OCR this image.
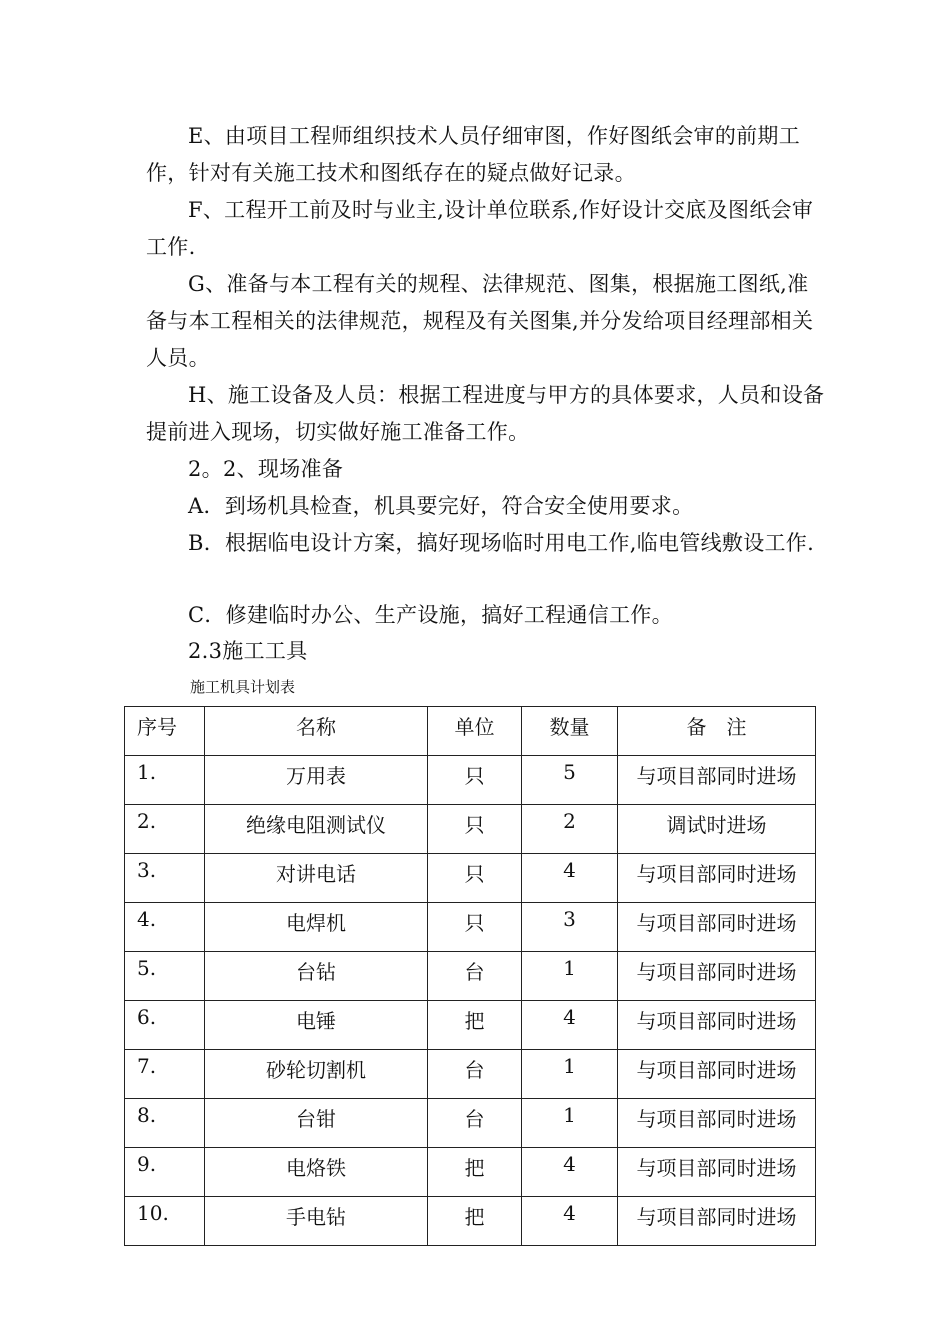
E、由项目工程师组织技术人员仔细审图，作好图纸会审的前期工作，针对有关施工技术和图纸存在的疑点做好记录。

F、工程开工前及时与业主,设计单位联系,作好设计交底及图纸会审工作.

G、准备与本工程有关的规程、法律规范、图集，根据施工图纸,准备与本工程相关的法律规范，规程及有关图集,并分发给项目经理部相关人员。

H、施工设备及人员：根据工程进度与甲方的具体要求，人员和设备提前进入现场，切实做好施工准备工作。

2。2、现场准备

A．到场机具检查，机具要完好，符合安全使用要求。

B．根据临电设计方案，搞好现场临时用电工作,临电管线敷设工作.

C．修建临时办公、生产设施，搞好工程通信工作。

2.3施工工具

施工机具计划表

序号	名称	单位	数量	备　注
1.	万用表	只	5	与项目部同时进场
2.	绝缘电阻测试仪	只	2	调试时进场
3.	对讲电话	只	4	与项目部同时进场
4.	电焊机	只	3	与项目部同时进场
5.	台钻	台	1	与项目部同时进场
6.	电锤	把	4	与项目部同时进场
7.	砂轮切割机	台	1	与项目部同时进场
8.	台钳	台	1	与项目部同时进场
9.	电烙铁	把	4	与项目部同时进场
10.	手电钻	把	4	与项目部同时进场
